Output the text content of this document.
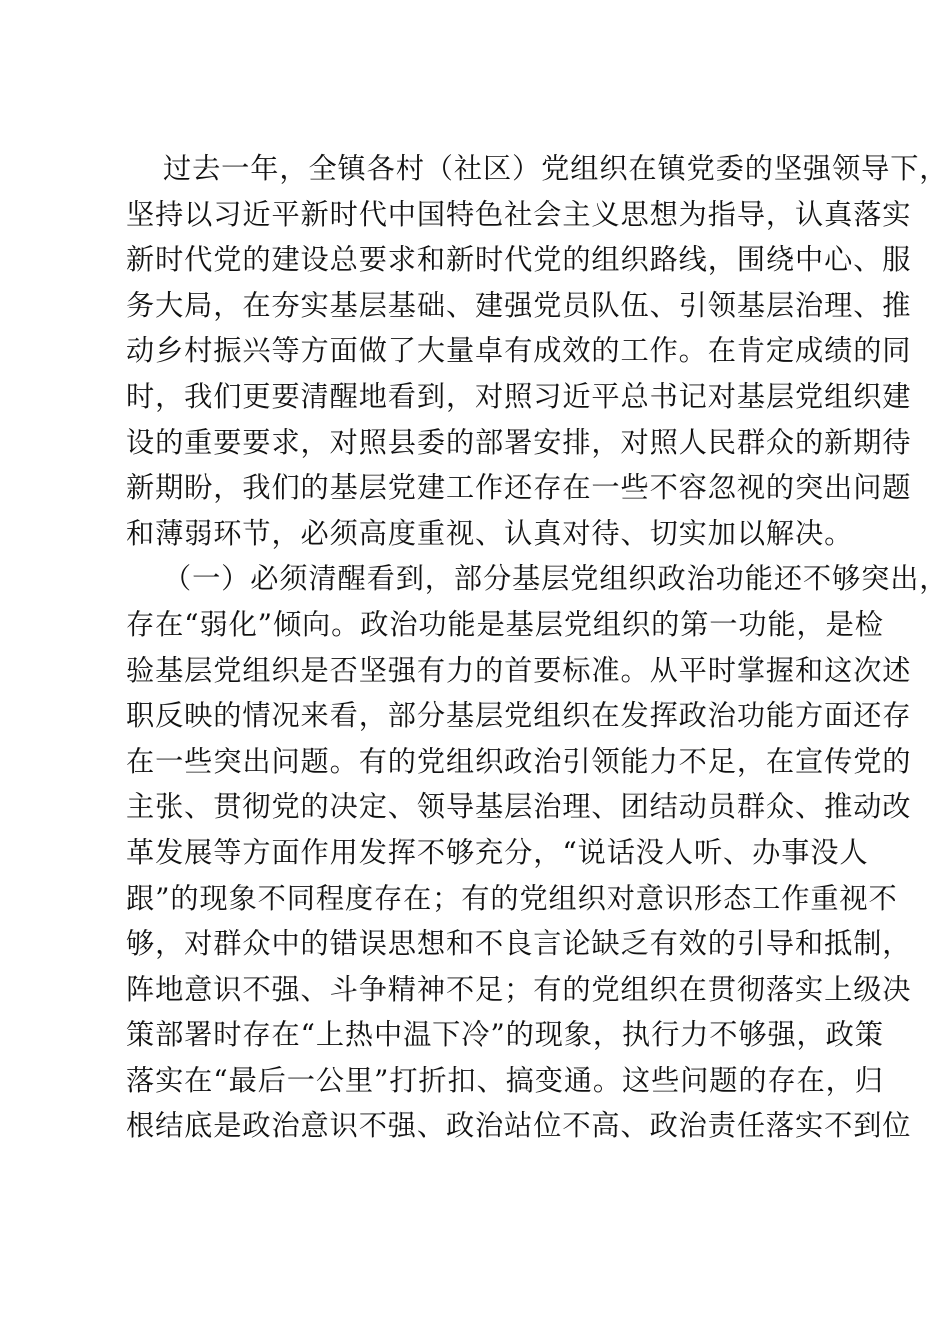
过去一年，全镇各村（社区）党组织在镇党委的坚强领导下，
坚持以习近平新时代中国特色社会主义思想为指导，认真落实
新时代党的建设总要求和新时代党的组织路线，围绕中心、服
务大局，在夯实基层基础、建强党员队伍、引领基层治理、推
动乡村振兴等方面做了大量卓有成效的工作。在肯定成绩的同
时，我们更要清醒地看到，对照习近平总书记对基层党组织建
设的重要要求，对照县委的部署安排，对照人民群众的新期待
新期盼，我们的基层党建工作还存在一些不容忽视的突出问题
和薄弱环节，必须高度重视、认真对待、切实加以解决。
（一）必须清醒看到，部分基层党组织政治功能还不够突出，
存在“弱化”倾向。政治功能是基层党组织的第一功能，是检
验基层党组织是否坚强有力的首要标准。从平时掌握和这次述
职反映的情况来看，部分基层党组织在发挥政治功能方面还存
在一些突出问题。有的党组织政治引领能力不足，在宣传党的
主张、贯彻党的决定、领导基层治理、团结动员群众、推动改
革发展等方面作用发挥不够充分，“说话没人听、办事没人
跟”的现象不同程度存在；有的党组织对意识形态工作重视不
够，对群众中的错误思想和不良言论缺乏有效的引导和抵制，
阵地意识不强、斗争精神不足；有的党组织在贯彻落实上级决
策部署时存在“上热中温下冷”的现象，执行力不够强，政策
落实在“最后一公里”打折扣、搞变通。这些问题的存在，归
根结底是政治意识不强、政治站位不高、政治责任落实不到位
